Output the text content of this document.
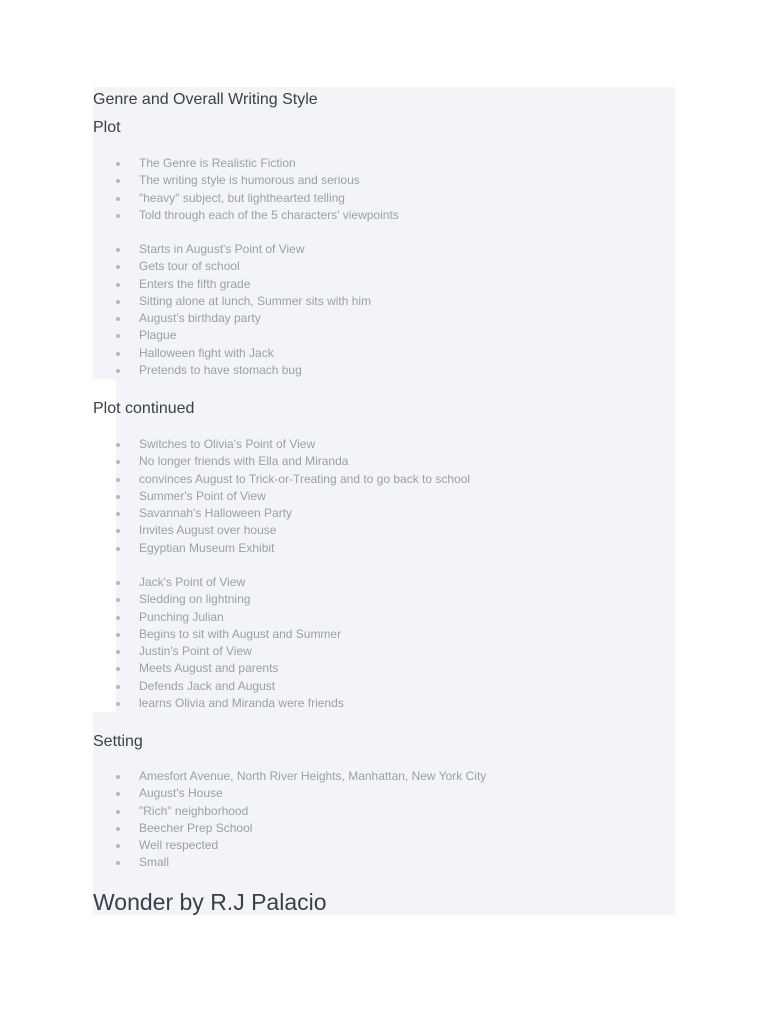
Genre and Overall Writing Style
Plot
The Genre is Realistic Fiction
The writing style is humorous and serious
"heavy" subject, but lighthearted telling
Told through each of the 5 characters' viewpoints
Starts in August's Point of View
Gets tour of school
Enters the fifth grade
Sitting alone at lunch, Summer sits with him
August's birthday party
Plague
Halloween fight with Jack
Pretends to have stomach bug
Plot continued
Switches to Olivia's Point of View
No longer friends with Ella and Miranda
convinces August to Trick-or-Treating and to go back to school
Summer's Point of View
Savannah's Halloween Party
Invites August over house
Egyptian Museum Exhibit
Jack's Point of View
Sledding on lightning
Punching Julian
Begins to sit with August and Summer
Justin's Point of View
Meets August and parents
Defends Jack and August
learns Olivia and Miranda were friends
Setting
Amesfort Avenue, North River Heights, Manhattan, New York City
August's House
"Rich" neighborhood
Beecher Prep School
Well respected
Small
Wonder by R.J Palacio
